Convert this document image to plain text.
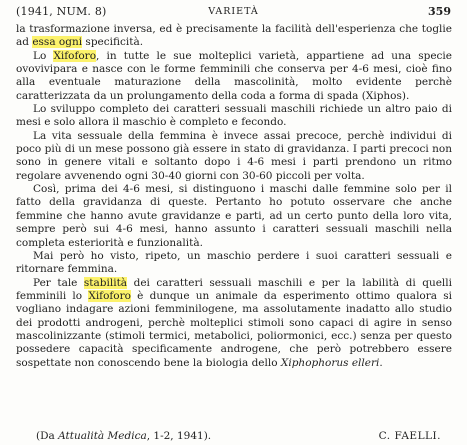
(1941, NUM. 8)	VARIETÀ	359

la trasformazione inversa, ed è precisamente la facilità dell'esperienza che toglie ad essa ogni specificità.

Lo Xifoforo, in tutte le sue molteplici varietà, appartiene ad una specie ovovivipara e nasce con le forme femminili che conserva per 4-6 mesi, cioè fino alla eventuale maturazione della mascolinità, molto evidente perchè caratterizzata da un prolungamento della coda a forma di spada (Xiphos).

Lo sviluppo completo dei caratteri sessuali maschili richiede un altro paio di mesi e solo allora il maschio è completo e fecondo.

La vita sessuale della femmina è invece assai precoce, perchè individui di poco più di un mese possono già essere in stato di gravidanza. I parti precoci non sono in genere vitali e soltanto dopo i 4-6 mesi i parti prendono un ritmo regolare avvenendo ogni 30-40 giorni con 30-60 piccoli per volta.

Così, prima dei 4-6 mesi, si distinguono i maschi dalle femmine solo per il fatto della gravidanza di queste. Pertanto ho potuto osservare che anche femmine che hanno avute gravidanze e parti, ad un certo punto della loro vita, sempre però sui 4-6 mesi, hanno assunto i caratteri sessuali maschili nella completa esteriorità e funzionalità.

Mai però ho visto, ripeto, un maschio perdere i suoi caratteri sessuali e ritornare femmina.

Per tale stabilità dei caratteri sessuali maschili e per la labilità di quelli femminili lo Xifoforo è dunque un animale da esperimento ottimo qualora si vogliano indagare azioni femminilogene, ma assolutamente inadatto allo studio dei prodotti androgeni, perchè molteplici stimoli sono capaci di agire in senso mascolinizzante (stimoli termici, metabolici, poliormonici, ecc.) senza per questo possedere capacità specificamente androgene, che però potrebbero essere sospettate non conoscendo bene la biologia dello Xiphophorus elleri.

(Da Attualità Medica, 1-2, 1941).	C. FAELLI.
